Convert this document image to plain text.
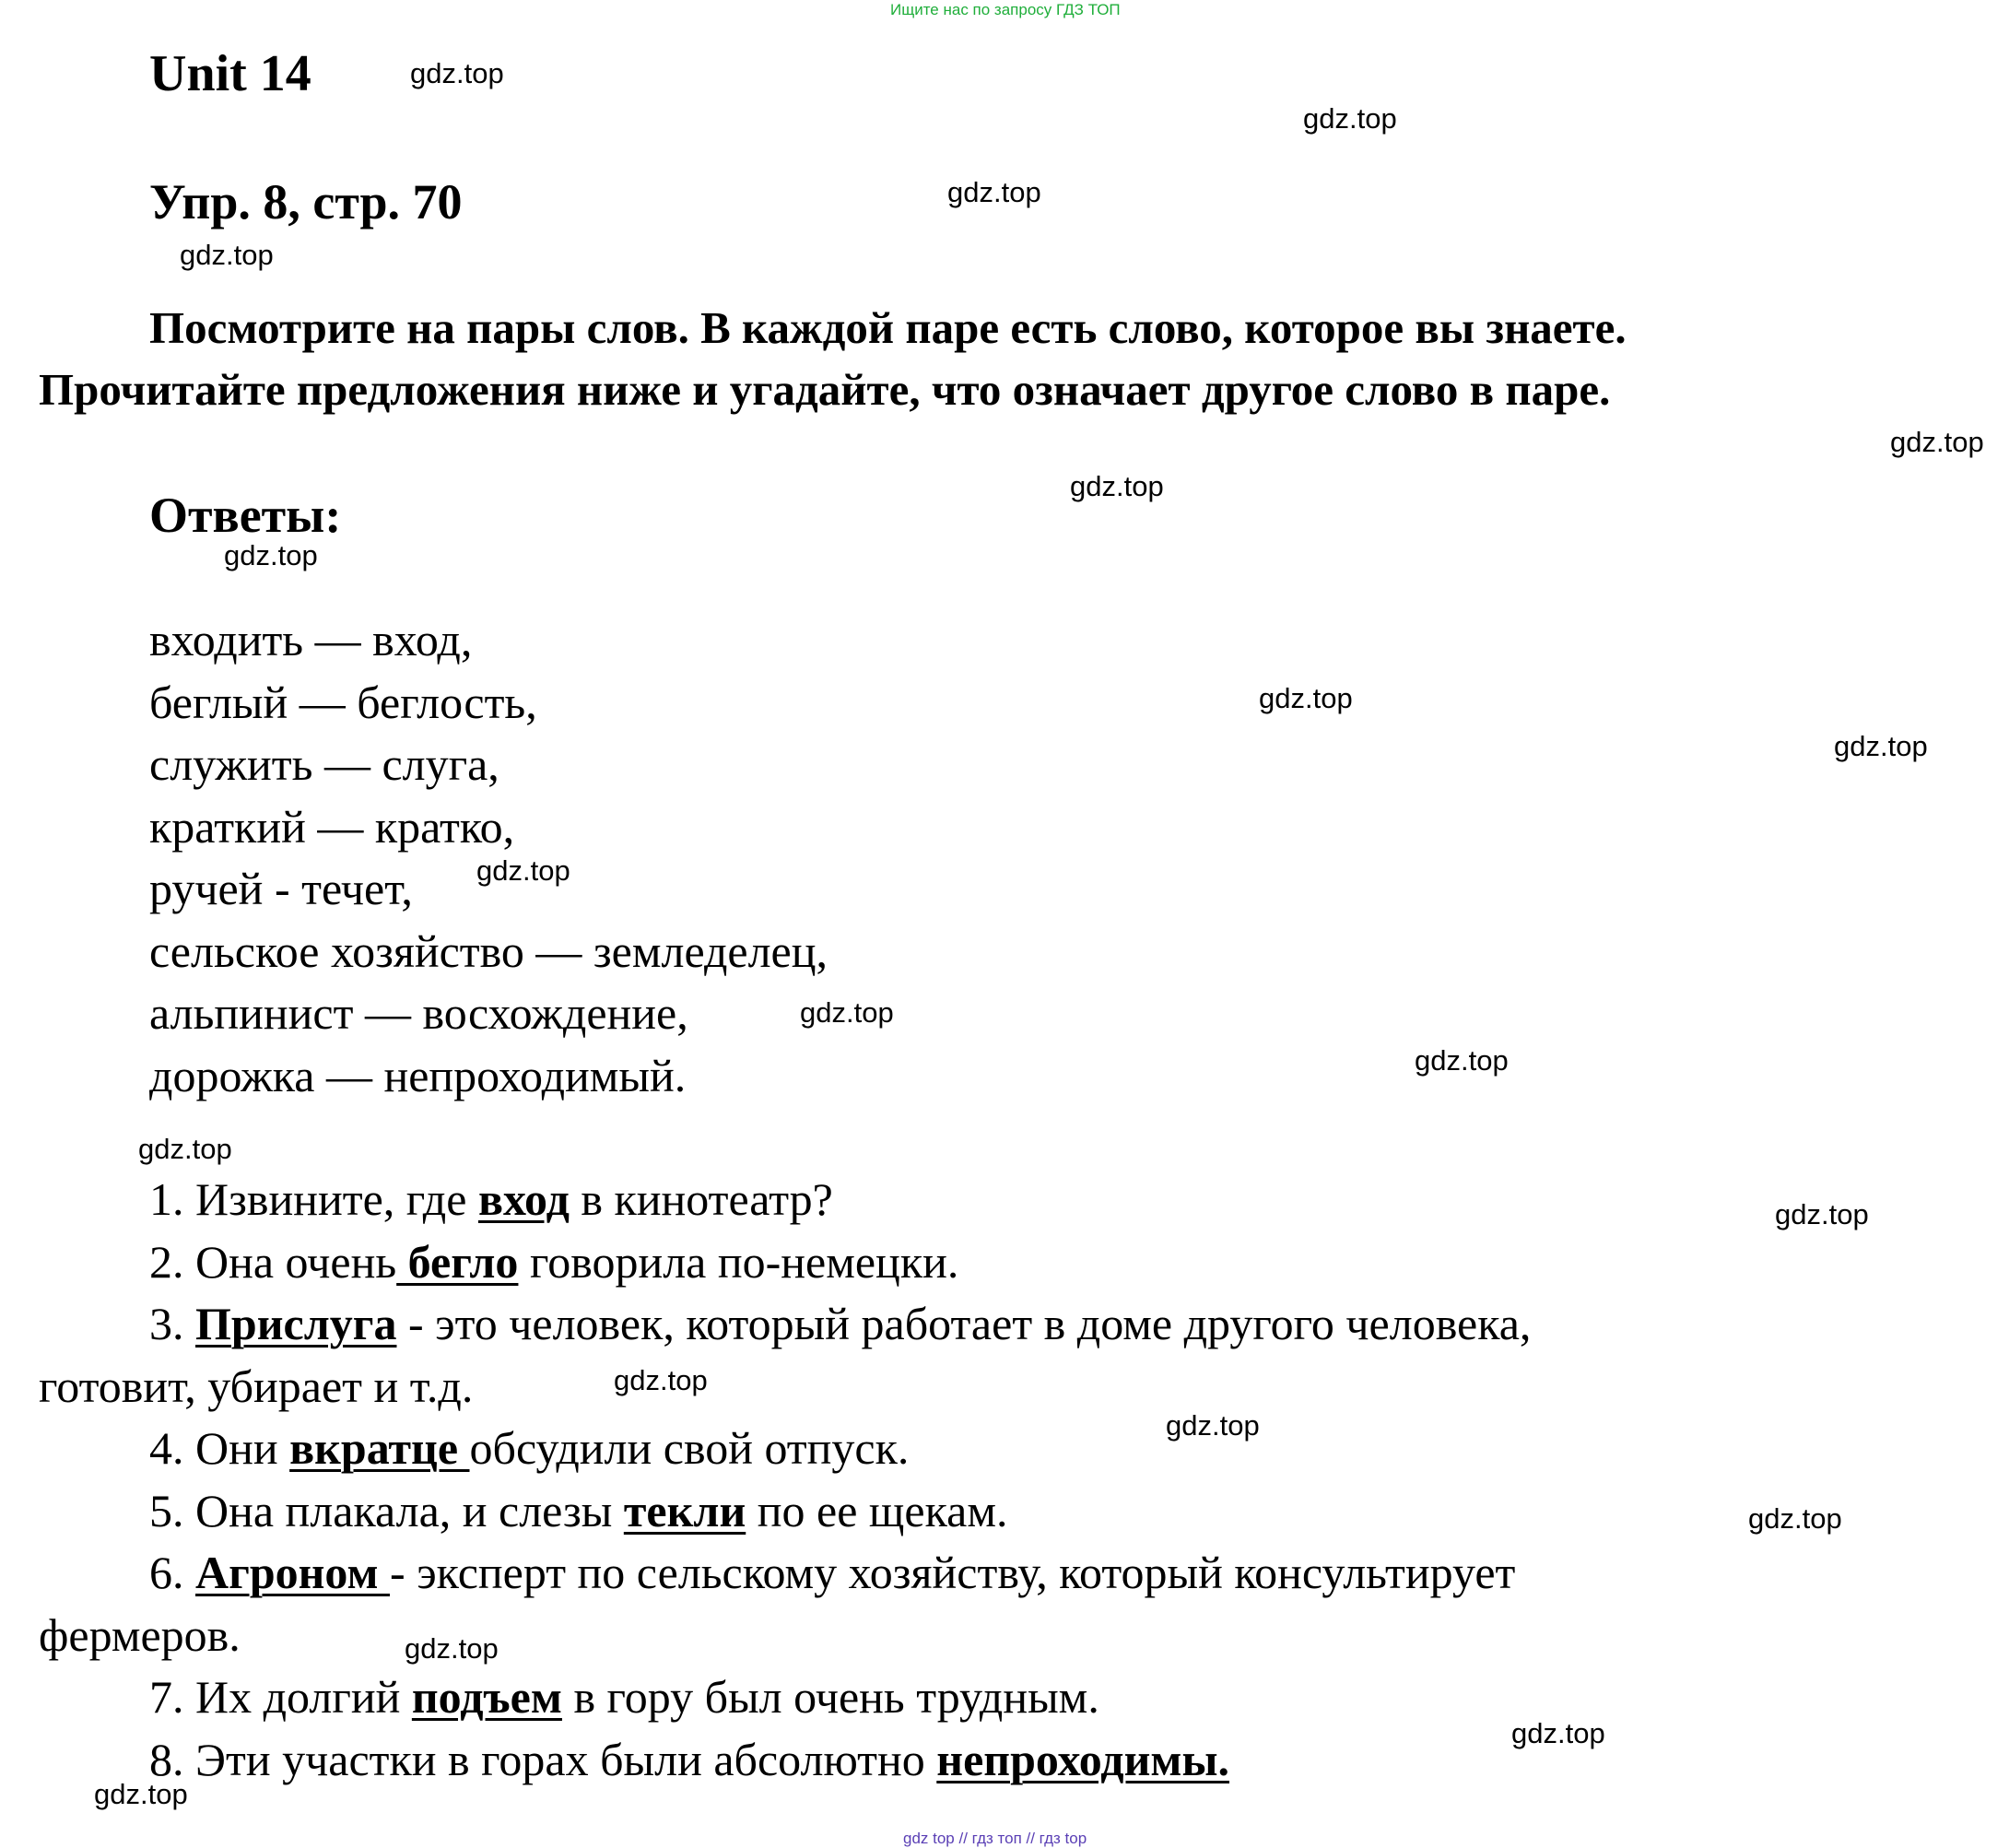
Ищите нас по запросу ГДЗ ТОП
Unit 14
Упр. 8, стр. 70
Посмотрите на пары слов. В каждой паре есть слово, которое вы знаете.
Прочитайте предложения ниже и угадайте, что означает другое слово в паре.
Ответы:
входить — вход,
беглый — беглость,
служить — слуга,
краткий — кратко,
ручей - течет,
сельское хозяйство — земледелец,
альпинист — восхождение,
дорожка — непроходимый.
1. Извините, где вход в кинотеатр?
2. Она очень бегло говорила по-немецки.
3. Прислуга - это человек, который работает в доме другого человека,
готовит, убирает и т.д.
4. Они вкратце обсудили свой отпуск.
5. Она плакала, и слезы текли по ее щекам.
6. Агроном - эксперт по сельскому хозяйству, который консультирует
фермеров.
7. Их долгий подъем в гору был очень трудным.
8. Эти участки в горах были абсолютно непроходимы.
gdz.top
gdz.top
gdz.top
gdz.top
gdz.top
gdz.top
gdz.top
gdz.top
gdz.top
gdz.top
gdz.top
gdz.top
gdz.top
gdz.top
gdz.top
gdz.top
gdz.top
gdz.top
gdz.top
gdz.top
gdz top // гдз топ // гдз top
